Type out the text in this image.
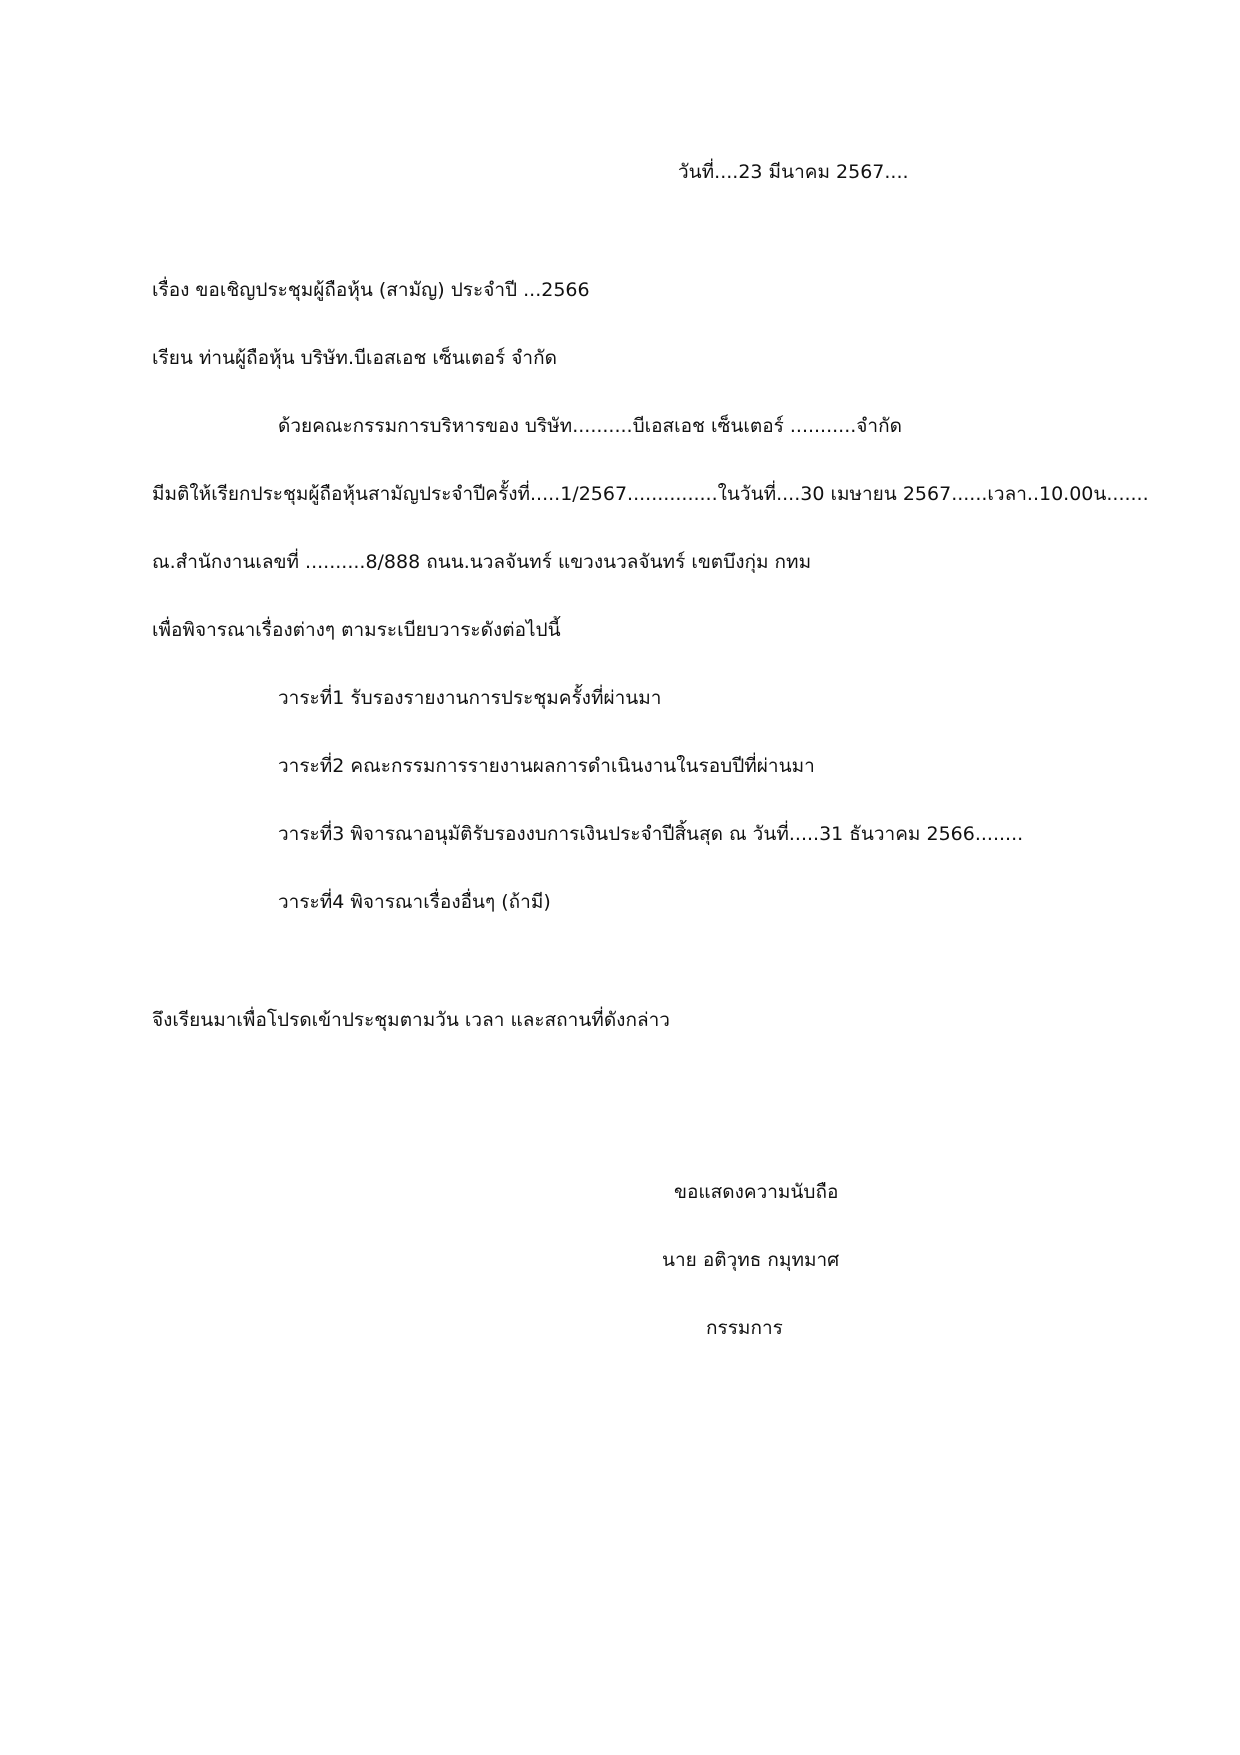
วันที่....23 มีนาคม 2567....
เรื่อง ขอเชิญประชุมผู้ถือหุ้น (สามัญ) ประจำปี ...2566
เรียน ท่านผู้ถือหุ้น บริษัท.บีเอสเอช เซ็นเตอร์ จำกัด
ด้วยคณะกรรมการบริหารของ บริษัท..........บีเอสเอช เซ็นเตอร์ ...........จำกัด
มีมติให้เรียกประชุมผู้ถือหุ้นสามัญประจำปีครั้งที่.....1/2567...............ในวันที่....30 เมษายน 2567......เวลา..10.00น.......
ณ.สำนักงานเลขที่ ..........8/888 ถนน.นวลจันทร์ แขวงนวลจันทร์ เขตบึงกุ่ม กทม
เพื่อพิจารณาเรื่องต่างๆ ตามระเบียบวาระดังต่อไปนี้
วาระที่1 รับรองรายงานการประชุมครั้งที่ผ่านมา
วาระที่2 คณะกรรมการรายงานผลการดำเนินงานในรอบปีที่ผ่านมา
วาระที่3 พิจารณาอนุมัติรับรองงบการเงินประจำปีสิ้นสุด ณ วันที่.....31 ธันวาคม 2566........
วาระที่4 พิจารณาเรื่องอื่นๆ (ถ้ามี)
จึงเรียนมาเพื่อโปรดเข้าประชุมตามวัน เวลา และสถานที่ดังกล่าว
ขอแสดงความนับถือ
นาย อติวุทธ กมุทมาศ
กรรมการ
